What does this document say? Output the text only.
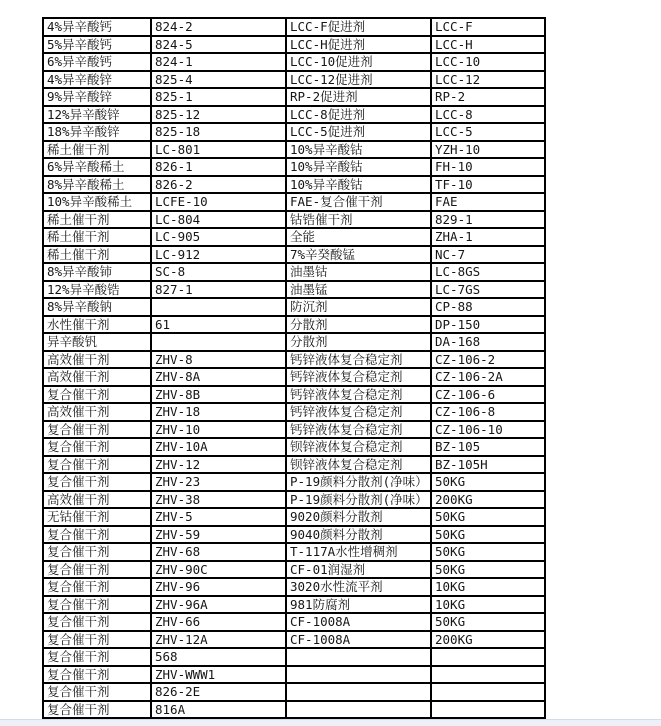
4%异辛酸钙	824-2	LCC-F促进剂	LCC-F
5%异辛酸钙	824-5	LCC-H促进剂	LCC-H
6%异辛酸钙	824-1	LCC-10促进剂	LCC-10
4%异辛酸锌	825-4	LCC-12促进剂	LCC-12
9%异辛酸锌	825-1	RP-2促进剂	RP-2
12%异辛酸锌	825-12	LCC-8促进剂	LCC-8
18%异辛酸锌	825-18	LCC-5促进剂	LCC-5
稀土催干剂	LC-801	10%异辛酸钴	YZH-10
6%异辛酸稀土	826-1	10%异辛酸钴	FH-10
8%异辛酸稀土	826-2	10%异辛酸钴	TF-10
10%异辛酸稀土	LCFE-10	FAE-复合催干剂	FAE
稀土催干剂	LC-804	钴锆催干剂	829-1
稀土催干剂	LC-905	全能	ZHA-1
稀土催干剂	LC-912	7%辛癸酸锰	NC-7
8%异辛酸铈	SC-8	油墨钴	LC-8GS
12%异辛酸锆	827-1	油墨锰	LC-7GS
8%异辛酸钠		防沉剂	CP-88
水性催干剂	61	分散剂	DP-150
异辛酸钒		分散剂	DA-168
高效催干剂	ZHV-8	钙锌液体复合稳定剂	CZ-106-2
高效催干剂	ZHV-8A	钙锌液体复合稳定剂	CZ-106-2A
复合催干剂	ZHV-8B	钙锌液体复合稳定剂	CZ-106-6
高效催干剂	ZHV-18	钙锌液体复合稳定剂	CZ-106-8
复合催干剂	ZHV-10	钙锌液体复合稳定剂	CZ-106-10
复合催干剂	ZHV-10A	钡锌液体复合稳定剂	BZ-105
复合催干剂	ZHV-12	钡锌液体复合稳定剂	BZ-105H
复合催干剂	ZHV-23	P-19颜料分散剂(净味）	50KG
高效催干剂	ZHV-38	P-19颜料分散剂(净味）	200KG
无钴催干剂	ZHV-5	9020颜料分散剂	50KG
复合催干剂	ZHV-59	9040颜料分散剂	50KG
复合催干剂	ZHV-68	T-117A水性增稠剂	50KG
复合催干剂	ZHV-90C	CF-01润湿剂	50KG
复合催干剂	ZHV-96	3020水性流平剂	10KG
复合催干剂	ZHV-96A	981防腐剂	10KG
复合催干剂	ZHV-66	CF-1008A	50KG
复合催干剂	ZHV-12A	CF-1008A	200KG
复合催干剂	568		
复合催干剂	ZHV-WWW1		
复合催干剂	826-2E		
复合催干剂	816A		
